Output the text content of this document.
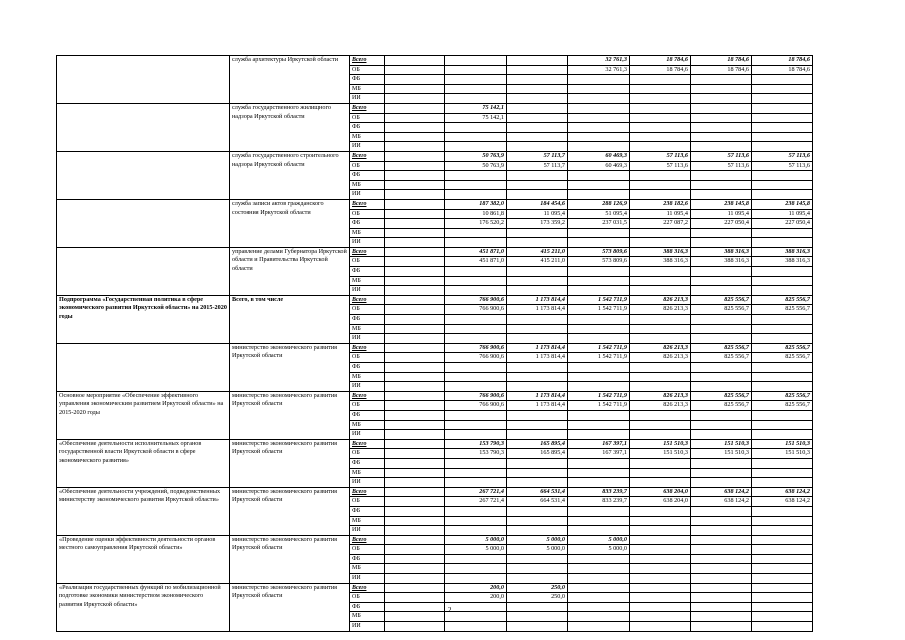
	служба архитектуры Иркутской области	Всего				32 761,3	18 784,6	18 784,6	18 784,6
		ОБ				32 761,3	18 784,6	18 784,6	18 784,6
		ФБ							
		МБ							
		ИИ							
	служба государственного жилищного надзора Иркутской области	Всего		75 142,1					
		ОБ		75 142,1					
		ФБ							
		МБ							
		ИИ							
	служба государственного строительного надзора Иркутской области	Всего		50 763,9	57 113,7	60 469,3	57 113,6	57 113,6	57 113,6
		ОБ		50 763,9	57 113,7	60 469,3	57 113,6	57 113,6	57 113,6
		ФБ							
		МБ							
		ИИ							
	служба записи актов гражданского состояния Иркутской области	Всего		187 382,0	184 454,6	288 126,9	238 182,6	238 145,8	238 145,8
		ОБ		10 861,8	11 095,4	51 095,4	11 095,4	11 095,4	11 095,4
		ФБ		176 520,2	173 359,2	237 031,5	227 087,2	227 050,4	227 050,4
		МБ							
		ИИ							
	управление делами Губернатора Иркутской области и Правительства Иркутской области	Всего		451 871,0	415 211,0	573 809,6	388 316,3	388 316,3	388 316,3
		ОБ		451 871,0	415 211,0	573 809,6	388 316,3	388 316,3	388 316,3
		ФБ							
		МБ							
		ИИ							
Подпрограмма «Государственная политика в сфере экономического развития Иркутской области» на 2015-2020 годы	Всего, в том числе	Всего		766 900,6	1 173 814,4	1 542 711,9	826 213,3	825 556,7	825 556,7
		ОБ		766 900,6	1 173 814,4	1 542 711,9	826 213,3	825 556,7	825 556,7
		ФБ							
		МБ							
		ИИ							
	министерство экономического развития Иркутской области	Всего		766 900,6	1 173 814,4	1 542 711,9	826 213,3	825 556,7	825 556,7
		ОБ		766 900,6	1 173 814,4	1 542 711,9	826 213,3	825 556,7	825 556,7
		ФБ							
		МБ							
		ИИ							
Основное мероприятие «Обеспечение эффективного управления экономическим развитием Иркутской области» на 2015-2020 годы	министерство экономического развития Иркутской области	Всего		766 900,6	1 173 814,4	1 542 711,9	826 213,3	825 556,7	825 556,7
		ОБ		766 900,6	1 173 814,4	1 542 711,9	826 213,3	825 556,7	825 556,7
		ФБ							
		МБ							
		ИИ							
«Обеспечение деятельности исполнительных органов государственной власти Иркутской области в сфере экономического развития»	министерство экономического развития Иркутской области	Всего		153 790,3	165 895,4	167 397,1	151 510,3	151 510,3	151 510,3
		ОБ		153 790,3	165 895,4	167 397,1	151 510,3	151 510,3	151 510,3
		ФБ							
		МБ							
		ИИ							
«Обеспечение деятельности учреждений, подведомственных министерству экономического развития Иркутской области»	министерство экономического развития Иркутской области	Всего		267 721,4	664 531,4	833 239,7	638 204,0	638 124,2	638 124,2
		ОБ		267 721,4	664 531,4	833 239,7	638 204,0	638 124,2	638 124,2
		ФБ							
		МБ							
		ИИ							
«Проведение оценки эффективности деятельности органов местного самоуправления Иркутской области»	министерство экономического развития Иркутской области	Всего		5 000,0	5 000,0	5 000,0			
		ОБ		5 000,0	5 000,0	5 000,0			
		ФБ							
		МБ							
		ИИ							
«Реализация государственных функций по мобилизационной подготовке экономики министерством экономического развития Иркутской области»	министерство экономического развития Иркутской области	Всего		200,0	250,0				
		ОБ		200,0	250,0				
		ФБ							
		МБ							
		ИИ							
2
